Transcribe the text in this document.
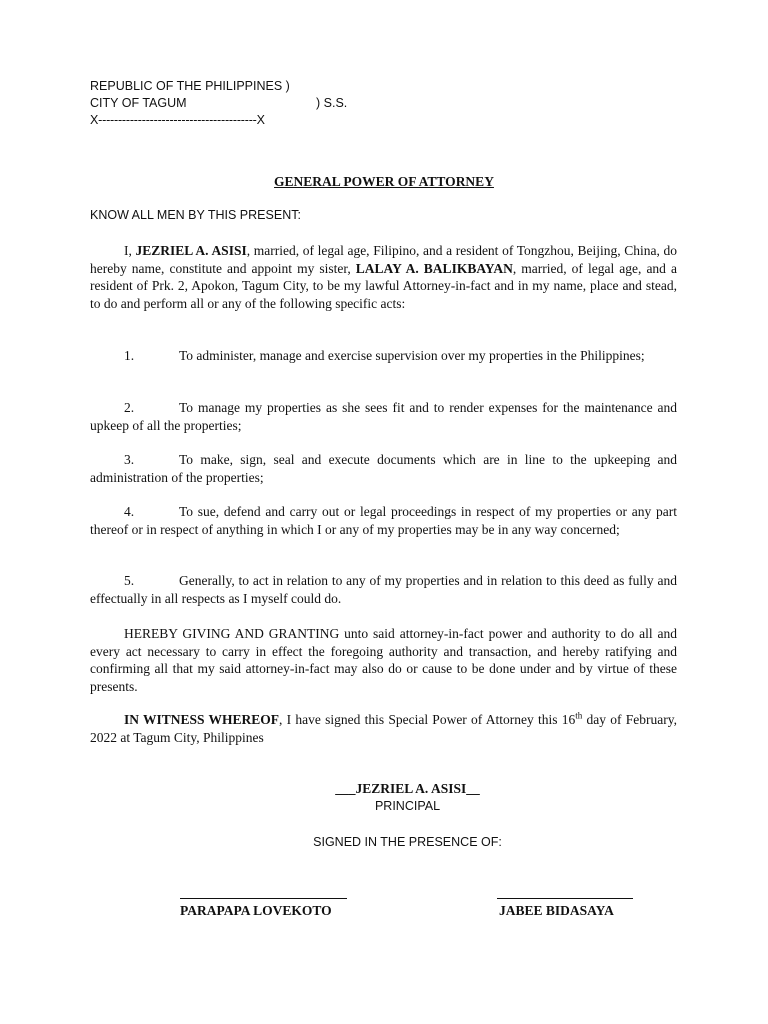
REPUBLIC OF THE PHILIPPINES )
CITY OF TAGUM	) S.S.
X----------------------------------------X
GENERAL POWER OF ATTORNEY
KNOW ALL MEN BY THIS PRESENT:
I, JEZRIEL A. ASISI, married, of legal age, Filipino, and a resident of Tongzhou, Beijing, China, do hereby name, constitute and appoint my sister, LALAY A. BALIKBAYAN, married, of legal age, and a resident of Prk. 2, Apokon, Tagum City, to be my lawful Attorney-in-fact and in my name, place and stead, to do and perform all or any of the following specific acts:
1.	To administer, manage and exercise supervision over my properties in the Philippines;
2.	To manage my properties as she sees fit and to render expenses for the maintenance and upkeep of all the properties;
3.	To make, sign, seal and execute documents which are in line to the upkeeping and administration of the properties;
4.	To sue, defend and carry out or legal proceedings in respect of my properties or any part thereof or in respect of anything in which I or any of my properties may be in any way concerned;
5.	Generally, to act in relation to any of my properties and in relation to this deed as fully and effectually in all respects as I myself could do.
HEREBY GIVING AND GRANTING unto said attorney-in-fact power and authority to do all and every act necessary to carry in effect the foregoing authority and transaction, and hereby ratifying and confirming all that my said attorney-in-fact may also do or cause to be done under and by virtue of these presents.
IN WITNESS WHEREOF, I have signed this Special Power of Attorney this 16th day of February, 2022 at Tagum City, Philippines
___JEZRIEL A. ASISI__
PRINCIPAL
SIGNED IN THE PRESENCE OF:
PARAPAPA LOVEKOTO	JABEE BIDASAYA
